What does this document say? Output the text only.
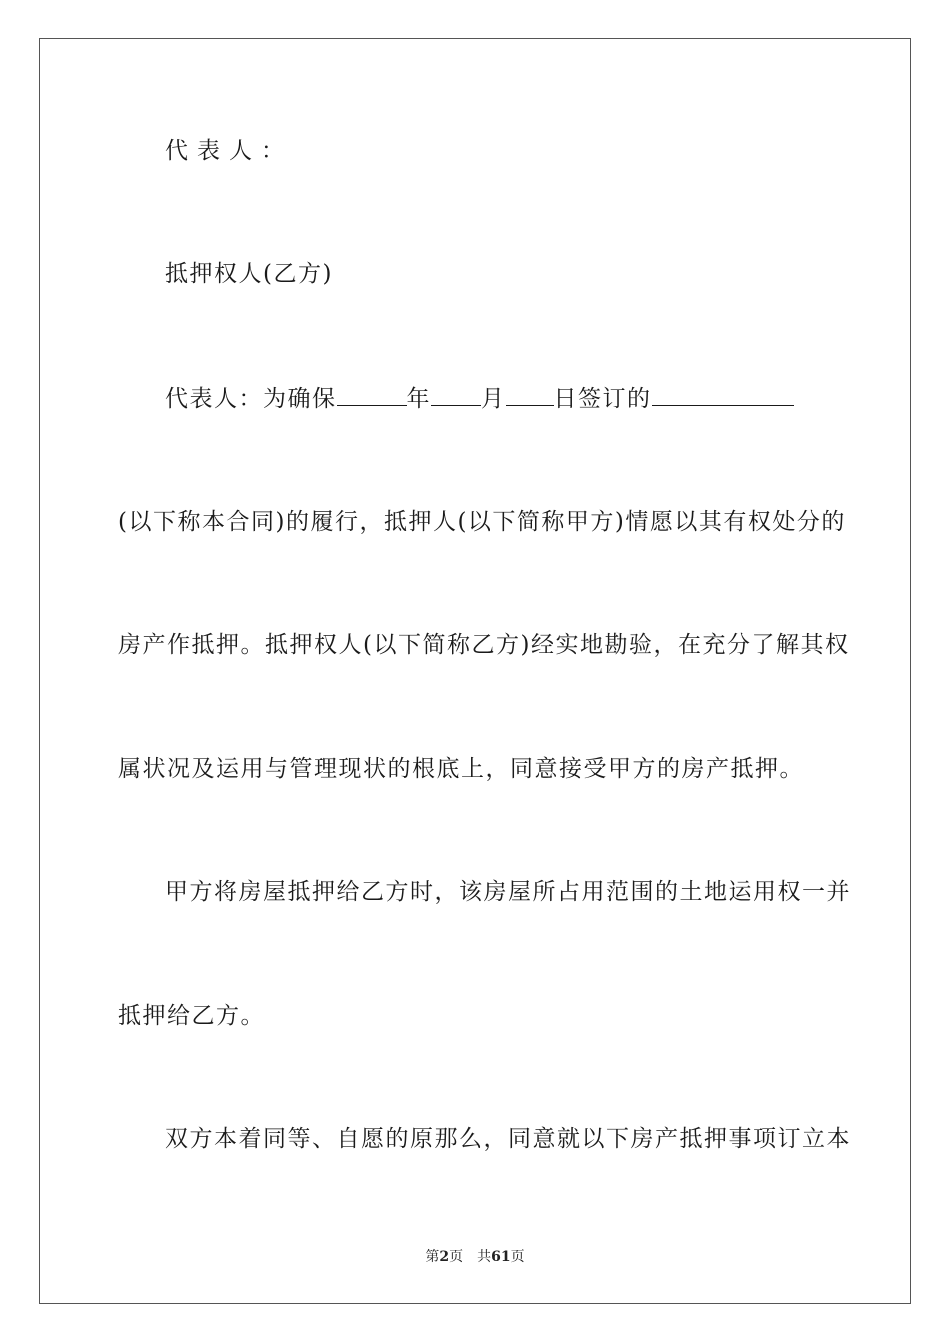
代表人：
抵押权人(乙方)
代表人：为确保	年 月 日签订的
(以下称本合同)的履行，抵押人(以下简称甲方)情愿以其有权处分的
房产作抵押。抵押权人(以下简称乙方)经实地勘验，在充分了解其权
属状况及运用与管理现状的根底上，同意接受甲方的房产抵押。
甲方将房屋抵押给乙方时，该房屋所占用范围的土地运用权一并
抵押给乙方。
双方本着同等、自愿的原那么，同意就以下房产抵押事项订立本
第2页 共61页
